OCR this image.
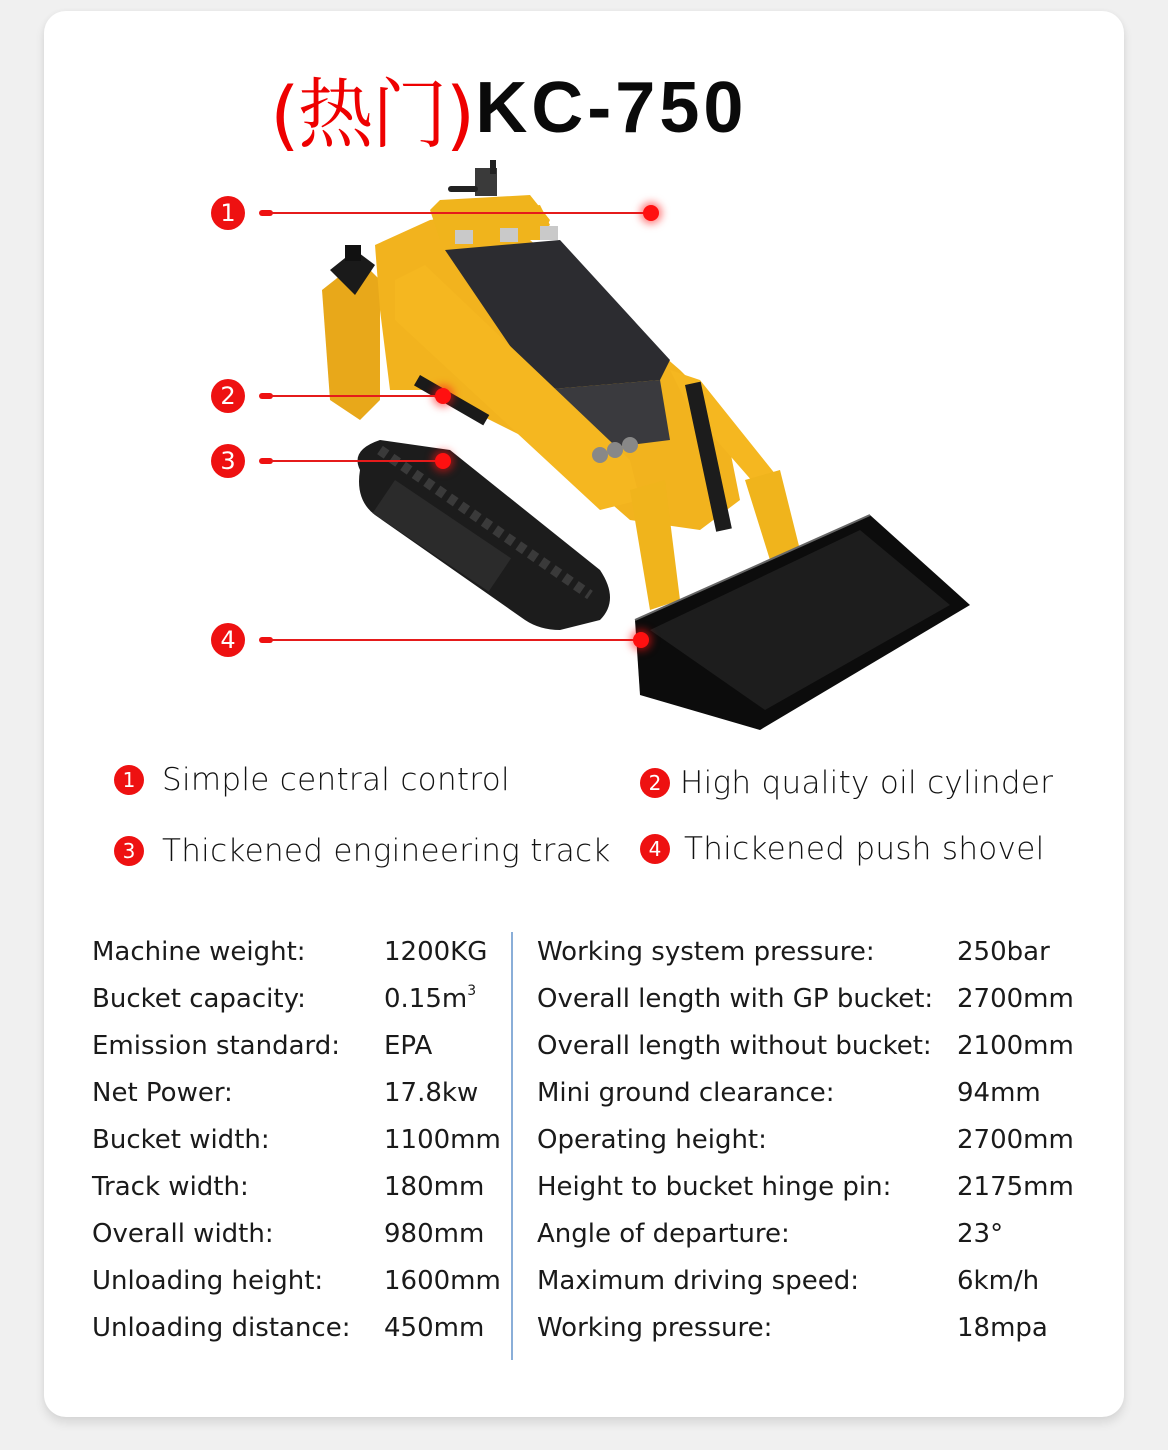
(热门) KC-750
1
2
3
4
1 Simple central control	2 High quality oil cylinder
3 Thickened engineering track	4 Thickened push shovel
Machine weight:	1200KG
Bucket capacity:	$0.15m^3$
Emission standard: EPA
Net Power:	17.8kw
Bucket width:	1100mm
Track width:	180mm
Overall width:	980mm
Unloading height: 1600mm
Unloading distance: 450mm
Working system pressure:	250bar
Overall length with GP bucket: 2700mm
Overall length without bucket: 2100mm
Mini ground clearance:	94mm
Operating height:	2700mm
Height to bucket hinge pin:	2175mm
Angle of departure:	23°
Maximum driving speed:	6km/h
Working pressure:	18mpa
